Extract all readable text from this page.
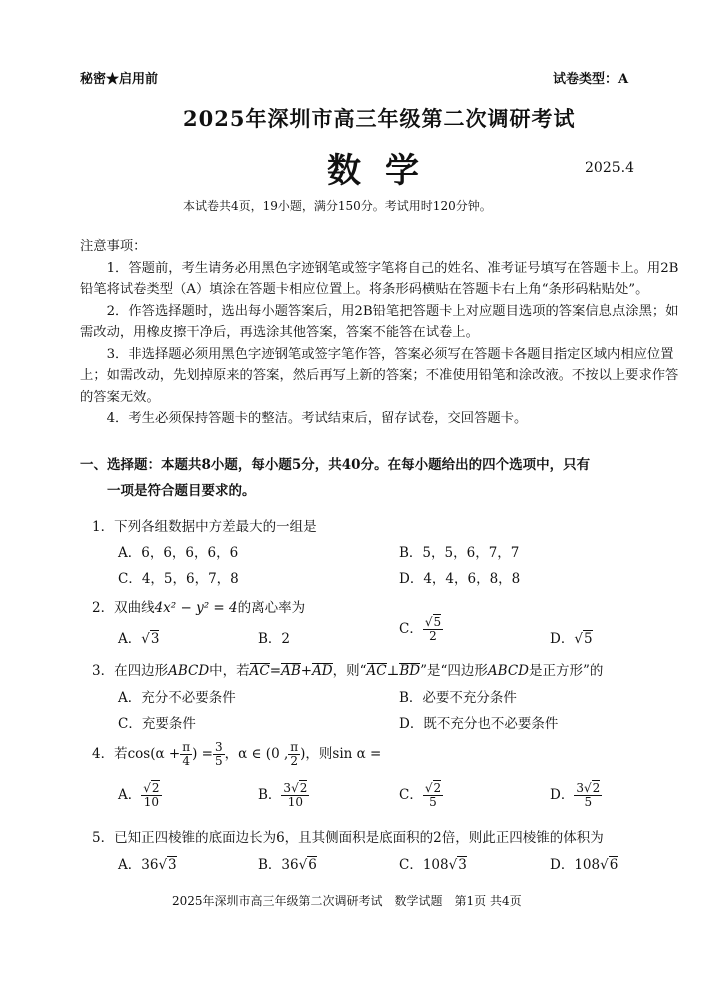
秘密★启用前	试卷类型：A
2025年深圳市高三年级第二次调研考试
数学	2025.4
本试卷共4页，19小题，满分150分。考试用时120分钟。
注意事项：

1．答题前，考生请务必用黑色字迹钢笔或签字笔将自己的姓名、准考证号填写在答题卡上。用2B铅笔将试卷类型（A）填涂在答题卡相应位置上。将条形码横贴在答题卡右上角“条形码粘贴处”。

2．作答选择题时，选出每小题答案后，用2B铅笔把答题卡上对应题目选项的答案信息点涂黑；如需改动，用橡皮擦干净后，再选涂其他答案，答案不能答在试卷上。

3．非选择题必须用黑色字迹钢笔或签字笔作答，答案必须写在答题卡各题目指定区域内相应位置上；如需改动，先划掉原来的答案，然后再写上新的答案；不准使用铅笔和涂改液。不按以上要求作答的答案无效。

4．考生必须保持答题卡的整洁。考试结束后，留存试卷，交回答题卡。

一、选择题：本题共8小题，每小题5分，共40分。在每小题给出的四个选项中，只有

一项是符合题目要求的。

1．下列各组数据中方差最大的一组是
A．6，6，6，6，6	B．5，5，6，7，7
C．4，5，6，7，8	D．4，4，6，8，8
2．双曲线4x² − y² = 4的离心率为
A．√3	B．2
C． $\frac{√5}{2}$	D．√5
3．在四边形ABCD中，若AC=AB+AD，则“AC⊥BD”是“四边形ABCD是正方形”的
A．充分不必要条件	B．必要不充分条件
C．充要条件	D．既不充分也不必要条件
4．若$\cos(\alpha + \frac{\pi}{4}$ ) = $\frac{3}{5}$ ，α ∈ (0 , $\frac{\pi}{2}$ )，则sin α =
A． $\frac{√2}{10}$	B． $\frac{3√2}{10}$	C． $\frac{√2}{5}$	D． $\frac{3√2}{5}$
5．已知正四棱锥的底面边长为6，且其侧面积是底面积的2倍，则此正四棱锥的体积为
A．36√3	B．36√6	C．108√3	D．108√6
2025年深圳市高三年级第二次调研考试　数学试题　第1页 共4页
